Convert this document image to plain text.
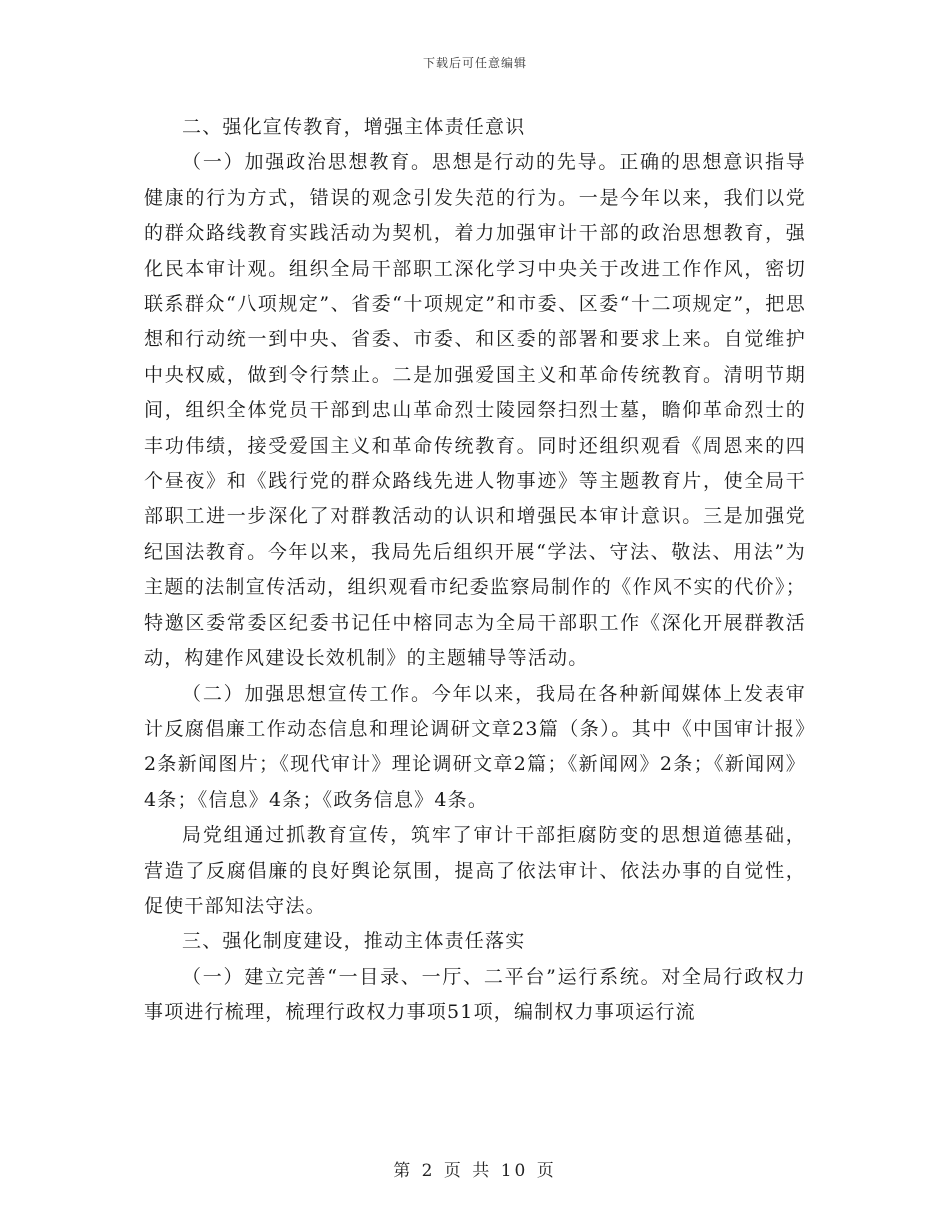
下载后可任意编辑

二、强化宣传教育，增强主体责任意识

（一）加强政治思想教育。思想是行动的先导。正确的思想意识指导健康的行为方式，错误的观念引发失范的行为。一是今年以来，我们以党的群众路线教育实践活动为契机，着力加强审计干部的政治思想教育，强化民本审计观。组织全局干部职工深化学习中央关于改进工作作风，密切联系群众“八项规定”、省委“十项规定”和市委、区委“十二项规定”，把思想和行动统一到中央、省委、市委、和区委的部署和要求上来。自觉维护中央权威，做到令行禁止。二是加强爱国主义和革命传统教育。清明节期间，组织全体党员干部到忠山革命烈士陵园祭扫烈士墓，瞻仰革命烈士的丰功伟绩，接受爱国主义和革命传统教育。同时还组织观看《周恩来的四个昼夜》和《践行党的群众路线先进人物事迹》等主题教育片，使全局干部职工进一步深化了对群教活动的认识和增强民本审计意识。三是加强党纪国法教育。今年以来，我局先后组织开展“学法、守法、敬法、用法”为主题的法制宣传活动，组织观看市纪委监察局制作的《作风不实的代价》；特邀区委常委区纪委书记任中榕同志为全局干部职工作《深化开展群教活动，构建作风建设长效机制》的主题辅导等活动。

（二）加强思想宣传工作。今年以来，我局在各种新闻媒体上发表审计反腐倡廉工作动态信息和理论调研文章23篇（条）。其中《中国审计报》2条新闻图片；《现代审计》理论调研文章2篇；《新闻网》2条；《新闻网》4条；《信息》4条；《政务信息》4条。

局党组通过抓教育宣传，筑牢了审计干部拒腐防变的思想道德基础，营造了反腐倡廉的良好舆论氛围，提高了依法审计、依法办事的自觉性，促使干部知法守法。

三、强化制度建设，推动主体责任落实

（一）建立完善“一目录、一厅、二平台”运行系统。对全局行政权力事项进行梳理，梳理行政权力事项51项，编制权力事项运行流

第 2 页 共 10 页
